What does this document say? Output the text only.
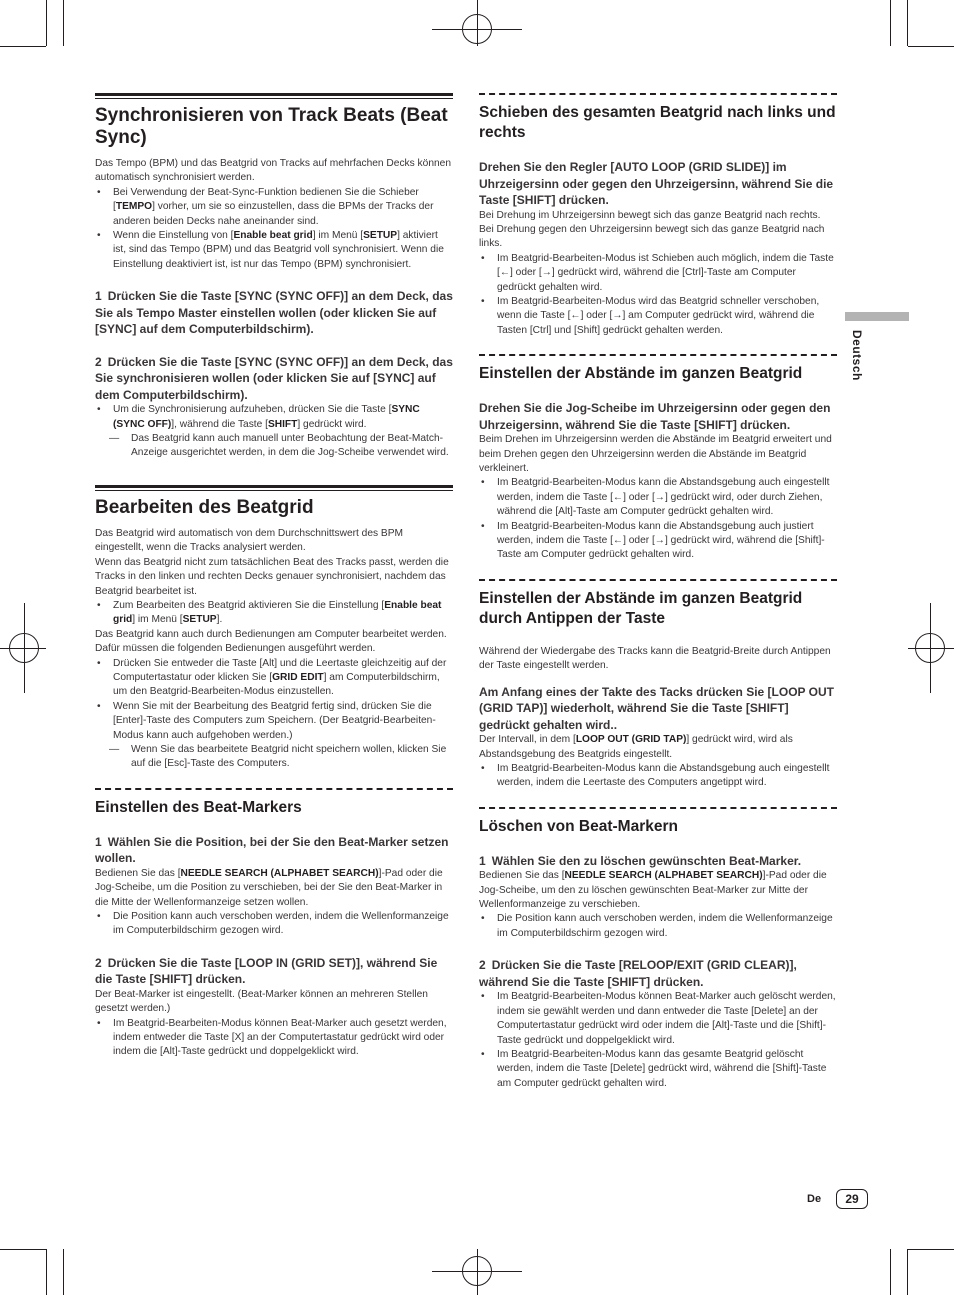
Deutsch
Synchronisieren von Track Beats (Beat Sync)

Das Tempo (BPM) und das Beatgrid von Tracks auf mehrfachen Decks können automatisch synchronisiert werden.

• Bei Verwendung der Beat-Sync-Funktion bedienen Sie die Schieber [TEMPO] vorher, um sie so einzustellen, dass die BPMs der Tracks der anderen beiden Decks nahe aneinander sind.
• Wenn die Einstellung von [Enable beat grid] im Menü [SETUP] aktiviert ist, sind das Tempo (BPM) und das Beatgrid voll synchronisiert. Wenn die Einstellung deaktiviert ist, ist nur das Tempo (BPM) synchronisiert.

1 Drücken Sie die Taste [SYNC (SYNC OFF)] an dem Deck, das Sie als Tempo Master einstellen wollen (oder klicken Sie auf [SYNC] auf dem Computerbildschirm).

2 Drücken Sie die Taste [SYNC (SYNC OFF)] an dem Deck, das Sie synchronisieren wollen (oder klicken Sie auf [SYNC] auf dem Computerbildschirm).

• Um die Synchronisierung aufzuheben, drücken Sie die Taste [SYNC (SYNC OFF)], während die Taste [SHIFT] gedrückt wird.
— Das Beatgrid kann auch manuell unter Beobachtung der Beat-Match-Anzeige ausgerichtet werden, in dem die Jog-Scheibe verwendet wird.
Bearbeiten des Beatgrid

Das Beatgrid wird automatisch von dem Durchschnittswert des BPM eingestellt, wenn die Tracks analysiert werden.

Wenn das Beatgrid nicht zum tatsächlichen Beat des Tracks passt, werden die Tracks in den linken und rechten Decks genauer synchronisiert, nachdem das Beatgrid bearbeitet ist.

• Zum Bearbeiten des Beatgrid aktivieren Sie die Einstellung [Enable beat grid] im Menü [SETUP].

Das Beatgrid kann auch durch Bedienungen am Computer bearbeitet werden. Dafür müssen die folgenden Bedienungen ausgeführt werden.

• Drücken Sie entweder die Taste [Alt] und die Leertaste gleichzeitig auf der Computertastatur oder klicken Sie [GRID EDIT] am Computerbildschirm, um den Beatgrid-Bearbeiten-Modus einzustellen.
• Wenn Sie mit der Bearbeitung des Beatgrid fertig sind, drücken Sie die [Enter]-Taste des Computers zum Speichern. (Der Beatgrid-Bearbeiten-Modus kann auch aufgehoben werden.)
— Wenn Sie das bearbeitete Beatgrid nicht speichern wollen, klicken Sie auf die [Esc]-Taste des Computers.
Einstellen des Beat-Markers

1 Wählen Sie die Position, bei der Sie den Beat-Marker setzen wollen.

Bedienen Sie das [NEEDLE SEARCH (ALPHABET SEARCH)]-Pad oder die Jog-Scheibe, um die Position zu verschieben, bei der Sie den Beat-Marker in die Mitte der Wellenformanzeige setzen wollen.

• Die Position kann auch verschoben werden, indem die Wellenformanzeige im Computerbildschirm gezogen wird.

2 Drücken Sie die Taste [LOOP IN (GRID SET)], während Sie die Taste [SHIFT] drücken.

Der Beat-Marker ist eingestellt. (Beat-Marker können an mehreren Stellen gesetzt werden.)

• Im Beatgrid-Bearbeiten-Modus können Beat-Marker auch gesetzt werden, indem entweder die Taste [X] an der Computertastatur gedrückt wird oder indem die [Alt]-Taste gedrückt und doppelgeklickt wird.
Schieben des gesamten Beatgrid nach links und rechts

Drehen Sie den Regler [AUTO LOOP (GRID SLIDE)] im Uhrzeigersinn oder gegen den Uhrzeigersinn, während Sie die Taste [SHIFT] drücken.

Bei Drehung im Uhrzeigersinn bewegt sich das ganze Beatgrid nach rechts. Bei Drehung gegen den Uhrzeigersinn bewegt sich das ganze Beatgrid nach links.

• Im Beatgrid-Bearbeiten-Modus ist Schieben auch möglich, indem die Taste [←] oder [→] gedrückt wird, während die [Ctrl]-Taste am Computer gedrückt gehalten wird.
• Im Beatgrid-Bearbeiten-Modus wird das Beatgrid schneller verschoben, wenn die Taste [←] oder [→] am Computer gedrückt wird, während die Tasten [Ctrl] und [Shift] gedrückt gehalten werden.
Einstellen der Abstände im ganzen Beatgrid

Drehen Sie die Jog-Scheibe im Uhrzeigersinn oder gegen den Uhrzeigersinn, während Sie die Taste [SHIFT] drücken.

Beim Drehen im Uhrzeigersinn werden die Abstände im Beatgrid erweitert und beim Drehen gegen den Uhrzeigersinn werden die Abstände im Beatgrid verkleinert.

• Im Beatgrid-Bearbeiten-Modus kann die Abstandsgebung auch eingestellt werden, indem die Taste [←] oder [→] gedrückt wird, oder durch Ziehen, während die [Alt]-Taste am Computer gedrückt gehalten wird.
• Im Beatgrid-Bearbeiten-Modus kann die Abstandsgebung auch justiert werden, indem die Taste [←] oder [→] gedrückt wird, während die [Shift]-Taste am Computer gedrückt gehalten wird.
Einstellen der Abstände im ganzen Beatgrid durch Antippen der Taste

Während der Wiedergabe des Tracks kann die Beatgrid-Breite durch Antippen der Taste eingestellt werden.

Am Anfang eines der Takte des Tacks drücken Sie [LOOP OUT (GRID TAP)] wiederholt, während Sie die Taste [SHIFT] gedrückt gehalten wird..

Der Intervall, in dem [LOOP OUT (GRID TAP)] gedrückt wird, wird als Abstandsgebung des Beatgrids eingestellt.

• Im Beatgrid-Bearbeiten-Modus kann die Abstandsgebung auch eingestellt werden, indem die Leertaste des Computers angetippt wird.
Löschen von Beat-Markern

1 Wählen Sie den zu löschen gewünschten Beat-Marker.

Bedienen Sie das [NEEDLE SEARCH (ALPHABET SEARCH)]-Pad oder die Jog-Scheibe, um den zu löschen gewünschten Beat-Marker zur Mitte der Wellenformanzeige zu verschieben.

• Die Position kann auch verschoben werden, indem die Wellenformanzeige im Computerbildschirm gezogen wird.

2 Drücken Sie die Taste [RELOOP/EXIT (GRID CLEAR)], während Sie die Taste [SHIFT] drücken.

• Im Beatgrid-Bearbeiten-Modus können Beat-Marker auch gelöscht werden, indem sie gewählt werden und dann entweder die Taste [Delete] an der Computertastatur gedrückt wird oder indem die [Alt]-Taste und die [Shift]-Taste gedrückt und doppelgeklickt wird.
• Im Beatgrid-Bearbeiten-Modus kann das gesamte Beatgrid gelöscht werden, indem die Taste [Delete] gedrückt wird, während die [Shift]-Taste am Computer gedrückt gehalten wird.
De	29
